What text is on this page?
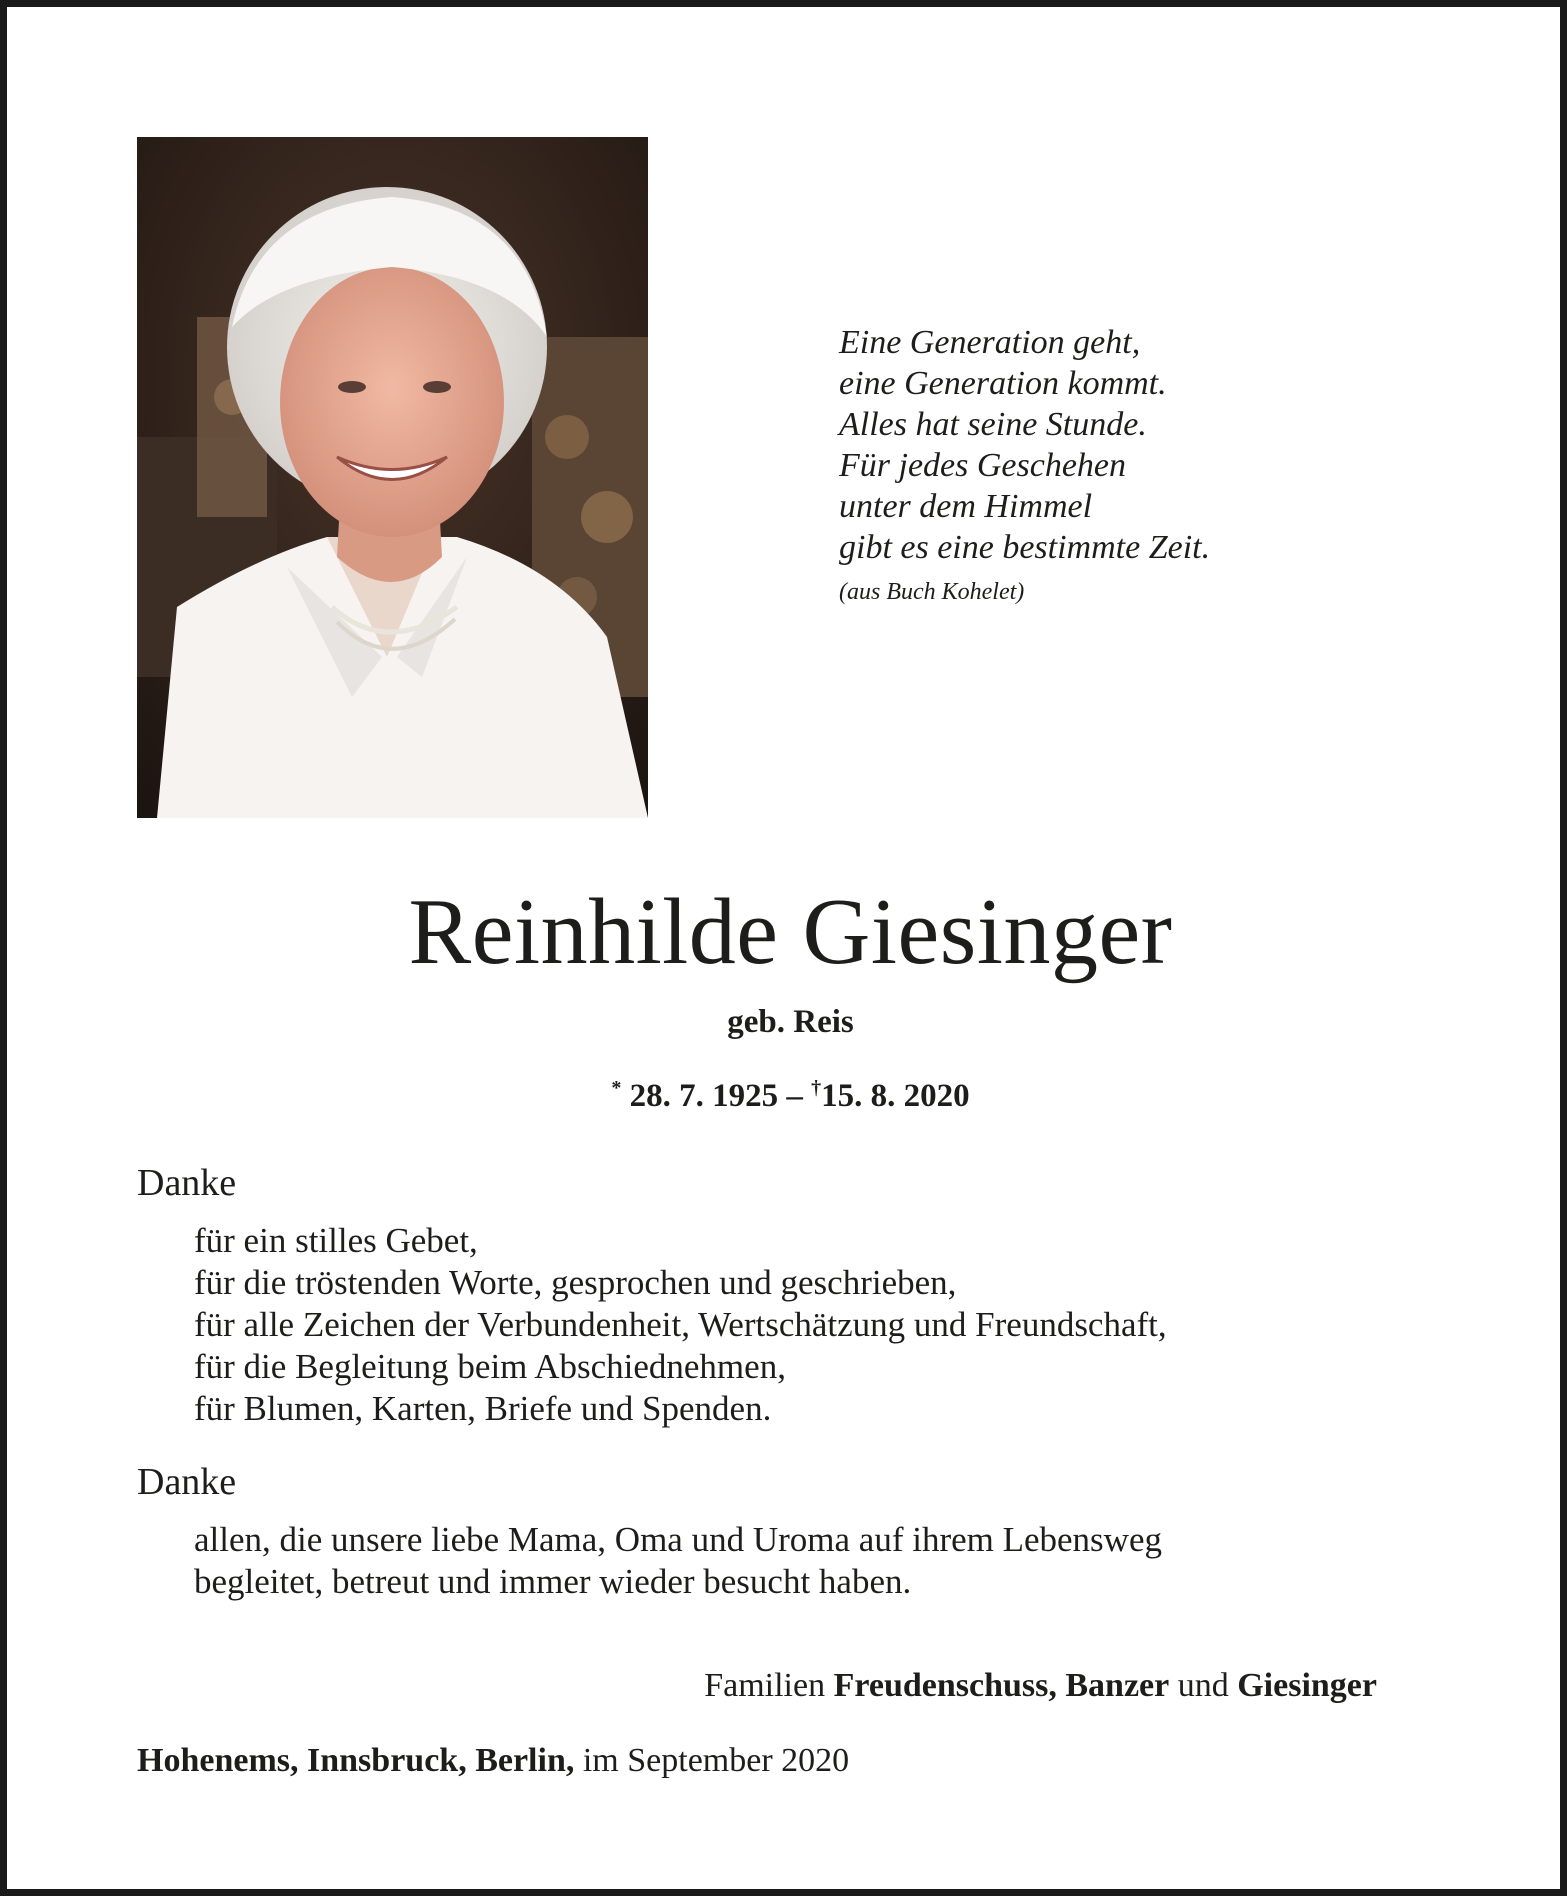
Eine Generation geht,
eine Generation kommt.
Alles hat seine Stunde.
Für jedes Geschehen
unter dem Himmel
gibt es eine bestimmte Zeit.
(aus Buch Kohelet)
Reinhilde Giesinger
geb. Reis
* 28. 7. 1925 – †15. 8. 2020
Danke
für ein stilles Gebet,
für die tröstenden Worte, gesprochen und geschrieben,
für alle Zeichen der Verbundenheit, Wertschätzung und Freundschaft,
für die Begleitung beim Abschiednehmen,
für Blumen, Karten, Briefe und Spenden.
Danke
allen, die unsere liebe Mama, Oma und Uroma auf ihrem Lebensweg
begleitet, betreut und immer wieder besucht haben.
Familien Freudenschuss, Banzer und Giesinger
Hohenems, Innsbruck, Berlin, im September 2020
